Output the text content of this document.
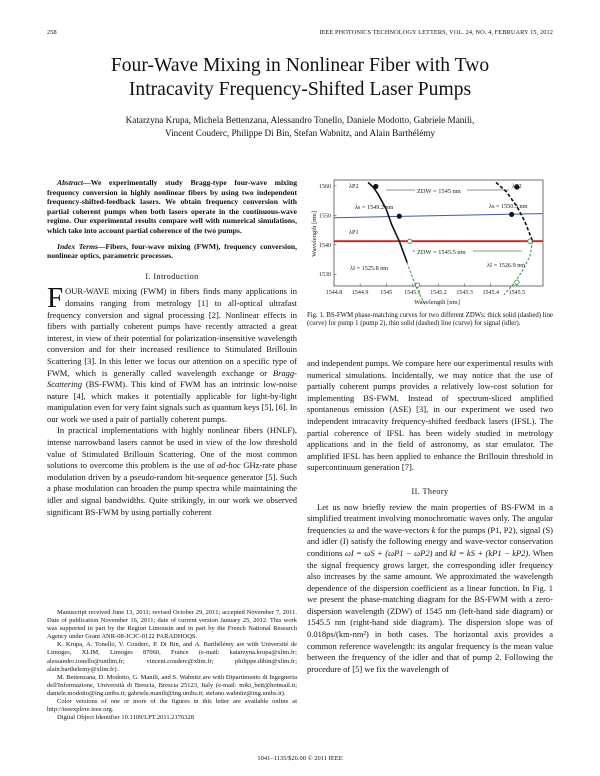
258	IEEE PHOTONICS TECHNOLOGY LETTERS, VOL. 24, NO. 4, FEBRUARY 15, 2012
Four-Wave Mixing in Nonlinear Fiber with Two
Intracavity Frequency-Shifted Laser Pumps
Katarzyna Krupa, Michela Bettenzana, Alessandro Tonello, Daniele Modotto, Gabriele Manili,
Vincent Couderc, Philippe Di Bin, Stefan Wabnitz, and Alain Barthélémy

Abstract—We experimentally study Bragg-type four-wave mixing frequency conversion in highly nonlinear fibers by using two independent frequency-shifted-feedback lasers. We obtain frequency conversion with partial coherent pumps when both lasers operate in the continuous-wave regime. Our experimental results compare well with numerical simulations, which take into account partial coherence of the two pumps.

Index Terms—Fibers, four-wave mixing (FWM), frequency conversion, nonlinear optics, parametric processes.

I. Introduction

FOUR-WAVE mixing (FWM) in fibers finds many applications in domains ranging from metrology [1] to all-optical ultrafast frequency conversion and signal processing [2]. Nonlinear effects in fibers with partially coherent pumps have recently attracted a great interest, in view of their potential for polarization-insensitive wavelength conversion and for their increased resilience to Stimulated Brillouin Scattering [3]. In this letter we focus our attention on a specific type of FWM, which is generally called wavelength exchange or Bragg-Scattering (BS-FWM). This kind of FWM has an intrinsic low-noise nature [4], which makes it potentially applicable for light-by-light manipulation even for very faint signals such as quantum keys [5], [6]. In our work we used a pair of partially coherent pumps.

In practical implementations with highly nonlinear fibers (HNLF), intense narrowband lasers cannot be used in view of the low threshold value of Stimulated Brillouin Scattering. One of the most common solutions to overcome this problem is the use of ad-hoc GHz-rate phase modulation driven by a pseudo-random bit-sequence generator [5]. Such a phase modulation can broaden the pump spectra while maintaining the idler and signal bandwidths. Quite strikingly, in our work we observed significant BS-FWM by using partially coherent

Manuscript received June 13, 2011; revised October 29, 2011; accepted November 7, 2011. Date of publication November 16, 2011; date of current version January 25, 2012. This work was supported in part by the Region Limousin and in part by the French National Research Agency under Grant ANR-08-JCJC-0122 PARADHOQS.

K. Krupa, A. Tonello, V. Couderc, P. Di Bin, and A. Barthélémy are with Université de Limoges, XLIM, Limoges 87060, France (e-mail: katarzyna.krupa@xlim.fr; alessandro.tonello@unilim.fr; vincent.couderc@xlim.fr; philippe.dibin@xlim.fr; alain.barthelemy@xlim.fr).

M. Bettenzana, D. Modotto, G. Manili, and S. Wabnitz are with Dipartimento di Ingegneria dell'Informazione, Università di Brescia, Brescia 25123, Italy (e-mail: miki_bett@hotmail.it; daniele.modotto@ing.unibs.it; gabriele.manili@ing.unibs.it; stefano.wabnitz@ing.unibs.it).

Color versions of one or more of the figures in this letter are available online at http://ieeexplore.ieee.org.

Digital Object Identifier 10.1109/LPT.2011.2176328

1544.8 1544.9 1545 1545.1 1545.2 1545.3 1545.4 1545.5
1530
1540
1550
1560
Wavelength [nm]
Wavelength [nm]
ZDW = 1545 nm
ZDW = 1545.5 nm
λP2	λP2
λs = 1549.2 nm	λs = 1550.3 nm
λP1
λI = 1525.8 nm	λI = 1526.9 nm
Fig. 1. BS-FWM phase-matching curves for two different ZDWs: thick solid (dashed) line (curve) for pump 1 (pump 2), thin solid (dashed) line (curve) for signal (idler).

and independent pumps. We compare here our experimental results with numerical simulations. Incidentally, we may notice that the use of partially coherent pumps provides a relatively low-cost solution for implementing BS-FWM. Instead of spectrum-sliced amplified spontaneous emission (ASE) [3], in our experiment we used two independent intracavity frequency-shifted feedback lasers (IFSL). The partial coherence of IFSL has been widely studied in metrology applications and in the field of astronomy, as star emulator. The amplified IFSL has been applied to enhance the Brillouin threshold in supercontinuum generation [7].

II. Theory

Let us now briefly review the main properties of BS-FWM in a simplified treatment involving monochromatic waves only. The angular frequencies ω and the wave-vectors k for the pumps (P1, P2), signal (S) and idler (I) satisfy the following energy and wave-vector conservation conditions ωI = ωS + (ωP1 − ωP2) and kI = kS + (kP1 − kP2). When the signal frequency grows larger, the corresponding idler frequency also increases by the same amount. We approximated the wavelength dependence of the dispersion coefficient as a linear function. In Fig. 1 we present the phase-matching diagram for the BS-FWM with a zero-dispersion wavelength (ZDW) of 1545 nm (left-hand side diagram) or 1545.5 nm (right-hand side diagram). The dispersion slope was of 0.018ps/(km-nm²) in both cases. The horizontal axis provides a common reference wavelength: its angular frequency is the mean value between the frequency of the idler and that of pump 2. Following the procedure of [5] we fix the wavelength of

1041–1135/$26.00 © 2011 IEEE
